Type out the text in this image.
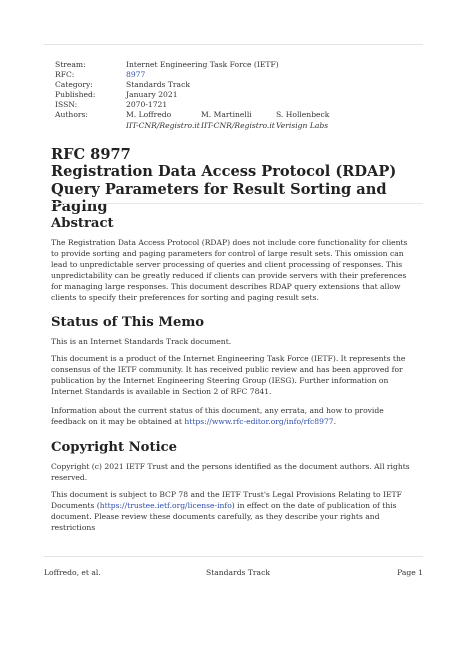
Stream:	Internet Engineering Task Force (IETF)
RFC:	8977
Category:	Standards Track
Published:	January 2021
ISSN:	2070-1721
Authors:	M. Loffredo
IIT-CNR/Registro.it
M. Martinelli
IIT-CNR/Registro.it
S. Hollenbeck
Verisign Labs
RFC 8977
Registration Data Access Protocol (RDAP) Query Parameters for Result Sorting and Paging
Abstract

The Registration Data Access Protocol (RDAP) does not include core functionality for clients to provide sorting and paging parameters for control of large result sets. This omission can lead to unpredictable server processing of queries and client processing of responses. This unpredictability can be greatly reduced if clients can provide servers with their preferences for managing large responses. This document describes RDAP query extensions that allow clients to specify their preferences for sorting and paging result sets.

Status of This Memo

This is an Internet Standards Track document.

This document is a product of the Internet Engineering Task Force (IETF). It represents the consensus of the IETF community. It has received public review and has been approved for publication by the Internet Engineering Steering Group (IESG). Further information on Internet Standards is available in Section 2 of RFC 7841.

Information about the current status of this document, any errata, and how to provide feedback on it may be obtained at https://www.rfc-editor.org/info/rfc8977.

Copyright Notice

Copyright (c) 2021 IETF Trust and the persons identified as the document authors. All rights reserved.

This document is subject to BCP 78 and the IETF Trust's Legal Provisions Relating to IETF Documents (https://trustee.ietf.org/license-info) in effect on the date of publication of this document. Please review these documents carefully, as they describe your rights and restrictions

Loffredo, et al.	Standards Track	Page 1
